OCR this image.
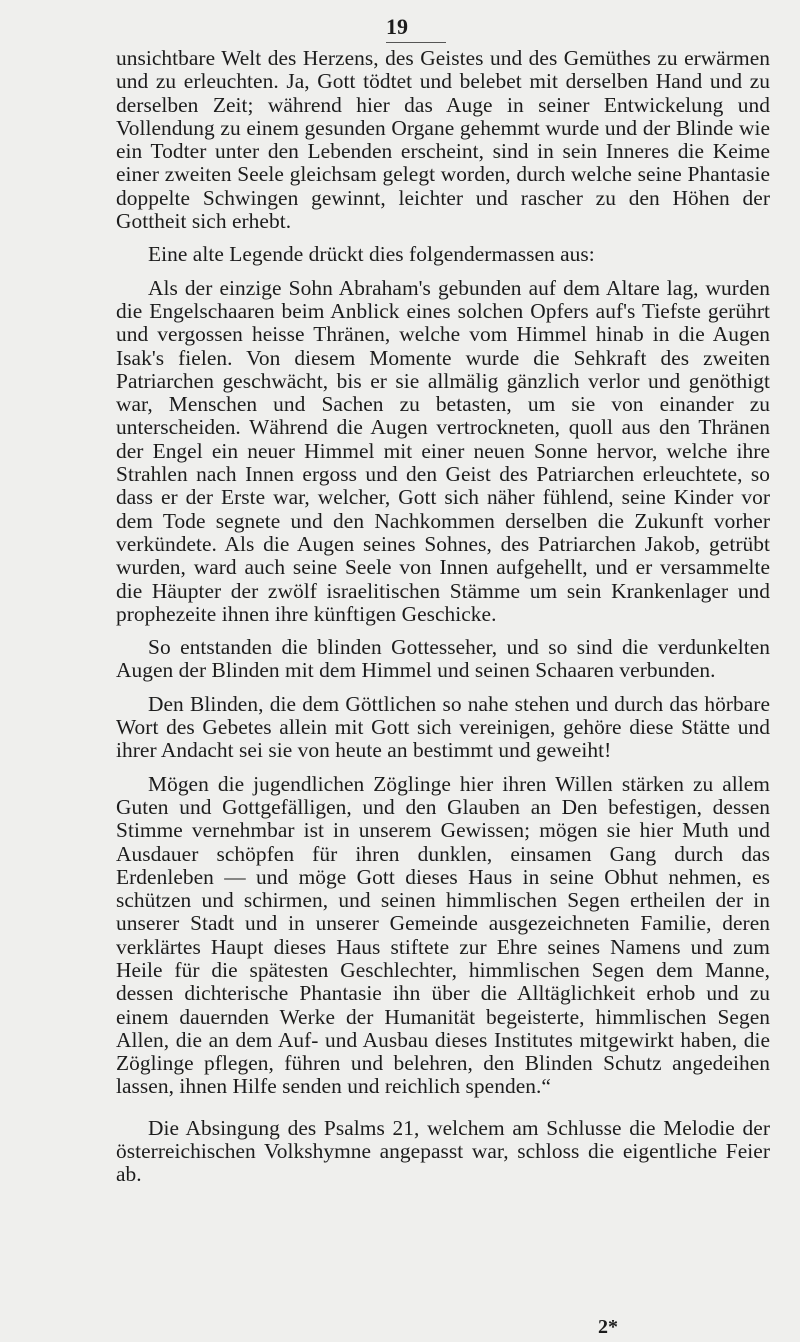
19

unsichtbare Welt des Herzens, des Geistes und des Gemüthes zu erwärmen und zu erleuchten. Ja, Gott tödtet und belebet mit derselben Hand und zu derselben Zeit; während hier das Auge in seiner Entwickelung und Vollendung zu einem gesunden Organe gehemmt wurde und der Blinde wie ein Todter unter den Lebenden erscheint, sind in sein Inneres die Keime einer zweiten Seele gleichsam gelegt worden, durch welche seine Phantasie doppelte Schwingen gewinnt, leichter und rascher zu den Höhen der Gottheit sich erhebt.

Eine alte Legende drückt dies folgendermassen aus:

Als der einzige Sohn Abraham's gebunden auf dem Altare lag, wurden die Engelschaaren beim Anblick eines solchen Opfers auf's Tiefste gerührt und vergossen heisse Thränen, welche vom Himmel hinab in die Augen Isak's fielen. Von diesem Momente wurde die Sehkraft des zweiten Patriarchen geschwächt, bis er sie allmälig gänzlich verlor und genöthigt war, Menschen und Sachen zu betasten, um sie von einander zu unterscheiden. Während die Augen vertrockneten, quoll aus den Thränen der Engel ein neuer Himmel mit einer neuen Sonne hervor, welche ihre Strahlen nach Innen ergoss und den Geist des Patriarchen erleuchtete, so dass er der Erste war, welcher, Gott sich näher fühlend, seine Kinder vor dem Tode segnete und den Nachkommen derselben die Zukunft vorher verkündete. Als die Augen seines Sohnes, des Patriarchen Jakob, getrübt wurden, ward auch seine Seele von Innen aufgehellt, und er versammelte die Häupter der zwölf israelitischen Stämme um sein Krankenlager und prophezeite ihnen ihre künftigen Geschicke.

So entstanden die blinden Gottesseher, und so sind die verdunkelten Augen der Blinden mit dem Himmel und seinen Schaaren verbunden.

Den Blinden, die dem Göttlichen so nahe stehen und durch das hörbare Wort des Gebetes allein mit Gott sich vereinigen, gehöre diese Stätte und ihrer Andacht sei sie von heute an bestimmt und geweiht!

Mögen die jugendlichen Zöglinge hier ihren Willen stärken zu allem Guten und Gottgefälligen, und den Glauben an Den befestigen, dessen Stimme vernehmbar ist in unserem Gewissen; mögen sie hier Muth und Ausdauer schöpfen für ihren dunklen, einsamen Gang durch das Erdenleben — und möge Gott dieses Haus in seine Obhut nehmen, es schützen und schirmen, und seinen himmlischen Segen ertheilen der in unserer Stadt und in unserer Gemeinde ausgezeichneten Familie, deren verklärtes Haupt dieses Haus stiftete zur Ehre seines Namens und zum Heile für die spätesten Geschlechter, himmlischen Segen dem Manne, dessen dichterische Phantasie ihn über die Alltäglichkeit erhob und zu einem dauernden Werke der Humanität begeisterte, himmlischen Segen Allen, die an dem Auf- und Ausbau dieses Institutes mitgewirkt haben, die Zöglinge pflegen, führen und belehren, den Blinden Schutz angedeihen lassen, ihnen Hilfe senden und reichlich spenden.“

Die Absingung des Psalms 21, welchem am Schlusse die Melodie der österreichischen Volkshymne angepasst war, schloss die eigentliche Feier ab.

2*
